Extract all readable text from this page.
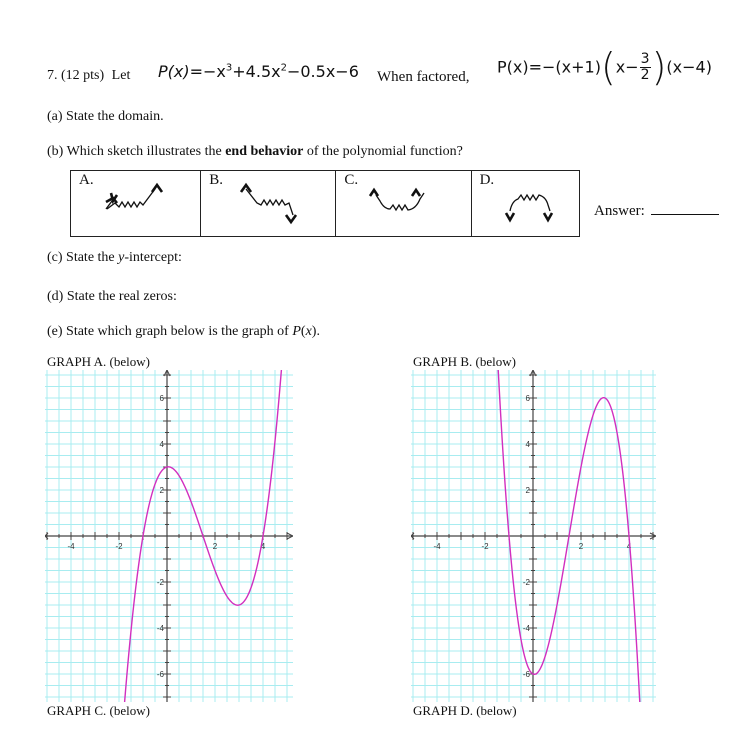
7. (12 pts) Let $P(x)=-x^3+4.5x^2-0.5x-6$ When factored,
$P(x)=-(x+1)(x- \frac{3}{2} )(x-4)$
(a) State the domain.
(b) Which sketch illustrates the end behavior of the polynomial function?
A.	B.	C.	D.
Answer:
(c) State the y-intercept:
(d) State the real zeros:
(e) State which graph below is the graph of P(x).
GRAPH A. (below)	GRAPH B. (below)
GRAPH C. (below)	GRAPH D. (below)
-4	-2	2	4
6
4
2
-2
-4
-6
-4	-2	2	4
6
4
2
-2
-4
-6
